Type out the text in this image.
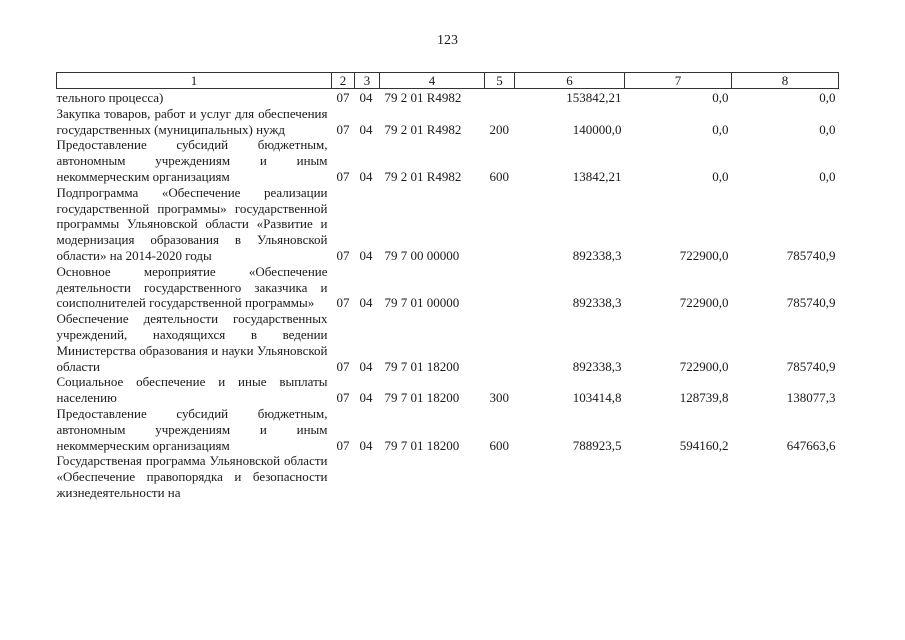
123
1	2	3	4	5	6	7	8
тельного процесса)	07	04	79 2 01 R4982		153842,21	0,0	0,0
Закупка товаров, работ и услуг для обеспечения государственных (муниципальных) нужд	07	04	79 2 01 R4982	200	140000,0	0,0	0,0
Предоставление субсидий бюджетным, автономным учреждениям и иным некоммерческим организациям	07	04	79 2 01 R4982	600	13842,21	0,0	0,0
Подпрограмма «Обеспечение реализации государственной программы» государственной программы Ульяновской области «Развитие и модернизация образования в Ульяновской области» на 2014-2020 годы	07	04	79 7 00 00000		892338,3	722900,0	785740,9
Основное мероприятие «Обеспечение деятельности государственного заказчика и соисполнителей государственной программы»	07	04	79 7 01 00000		892338,3	722900,0	785740,9
Обеспечение деятельности государственных учреждений, находящихся в ведении Министерства образования и науки Ульяновской области	07	04	79 7 01 18200		892338,3	722900,0	785740,9
Социальное обеспечение и иные выплаты населению	07	04	79 7 01 18200	300	103414,8	128739,8	138077,3
Предоставление субсидий бюджетным, автономным учреждениям и иным некоммерческим организациям	07	04	79 7 01 18200	600	788923,5	594160,2	647663,6
Государственая программа Ульяновской области «Обеспечение правопорядка и безопасности жизнедеятельности на							
